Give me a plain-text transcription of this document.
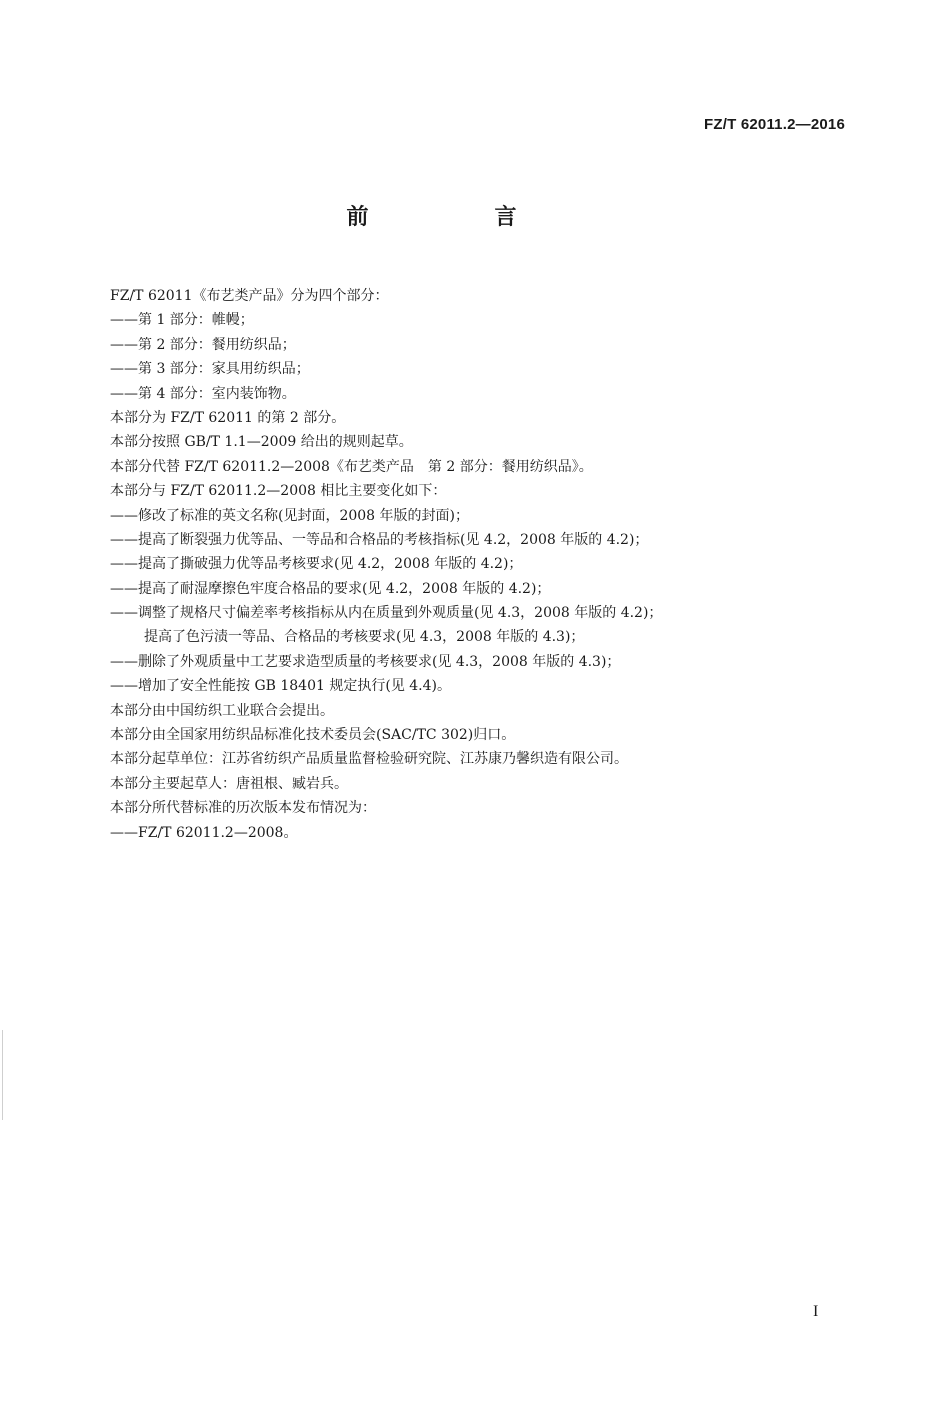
FZ/T 62011.2—2016
前　言
FZ/T 62011《布艺类产品》分为四个部分：
——第 1 部分：帷幔；
——第 2 部分：餐用纺织品；
——第 3 部分：家具用纺织品；
——第 4 部分：室内装饰物。
本部分为 FZ/T 62011 的第 2 部分。
本部分按照 GB/T 1.1—2009 给出的规则起草。
本部分代替 FZ/T 62011.2—2008《布艺类产品　第 2 部分：餐用纺织品》。
本部分与 FZ/T 62011.2—2008 相比主要变化如下：
——修改了标准的英文名称(见封面，2008 年版的封面)；
——提高了断裂强力优等品、一等品和合格品的考核指标(见 4.2，2008 年版的 4.2)；
——提高了撕破强力优等品考核要求(见 4.2，2008 年版的 4.2)；
——提高了耐湿摩擦色牢度合格品的要求(见 4.2，2008 年版的 4.2)；
——调整了规格尺寸偏差率考核指标从内在质量到外观质量(见 4.3，2008 年版的 4.2)；
提高了色污渍一等品、合格品的考核要求(见 4.3，2008 年版的 4.3)；
——删除了外观质量中工艺要求造型质量的考核要求(见 4.3，2008 年版的 4.3)；
——增加了安全性能按 GB 18401 规定执行(见 4.4)。
本部分由中国纺织工业联合会提出。
本部分由全国家用纺织品标准化技术委员会(SAC/TC 302)归口。
本部分起草单位：江苏省纺织产品质量监督检验研究院、江苏康乃馨织造有限公司。
本部分主要起草人：唐祖根、臧岩兵。
本部分所代替标准的历次版本发布情况为：
——FZ/T 62011.2—2008。
I
